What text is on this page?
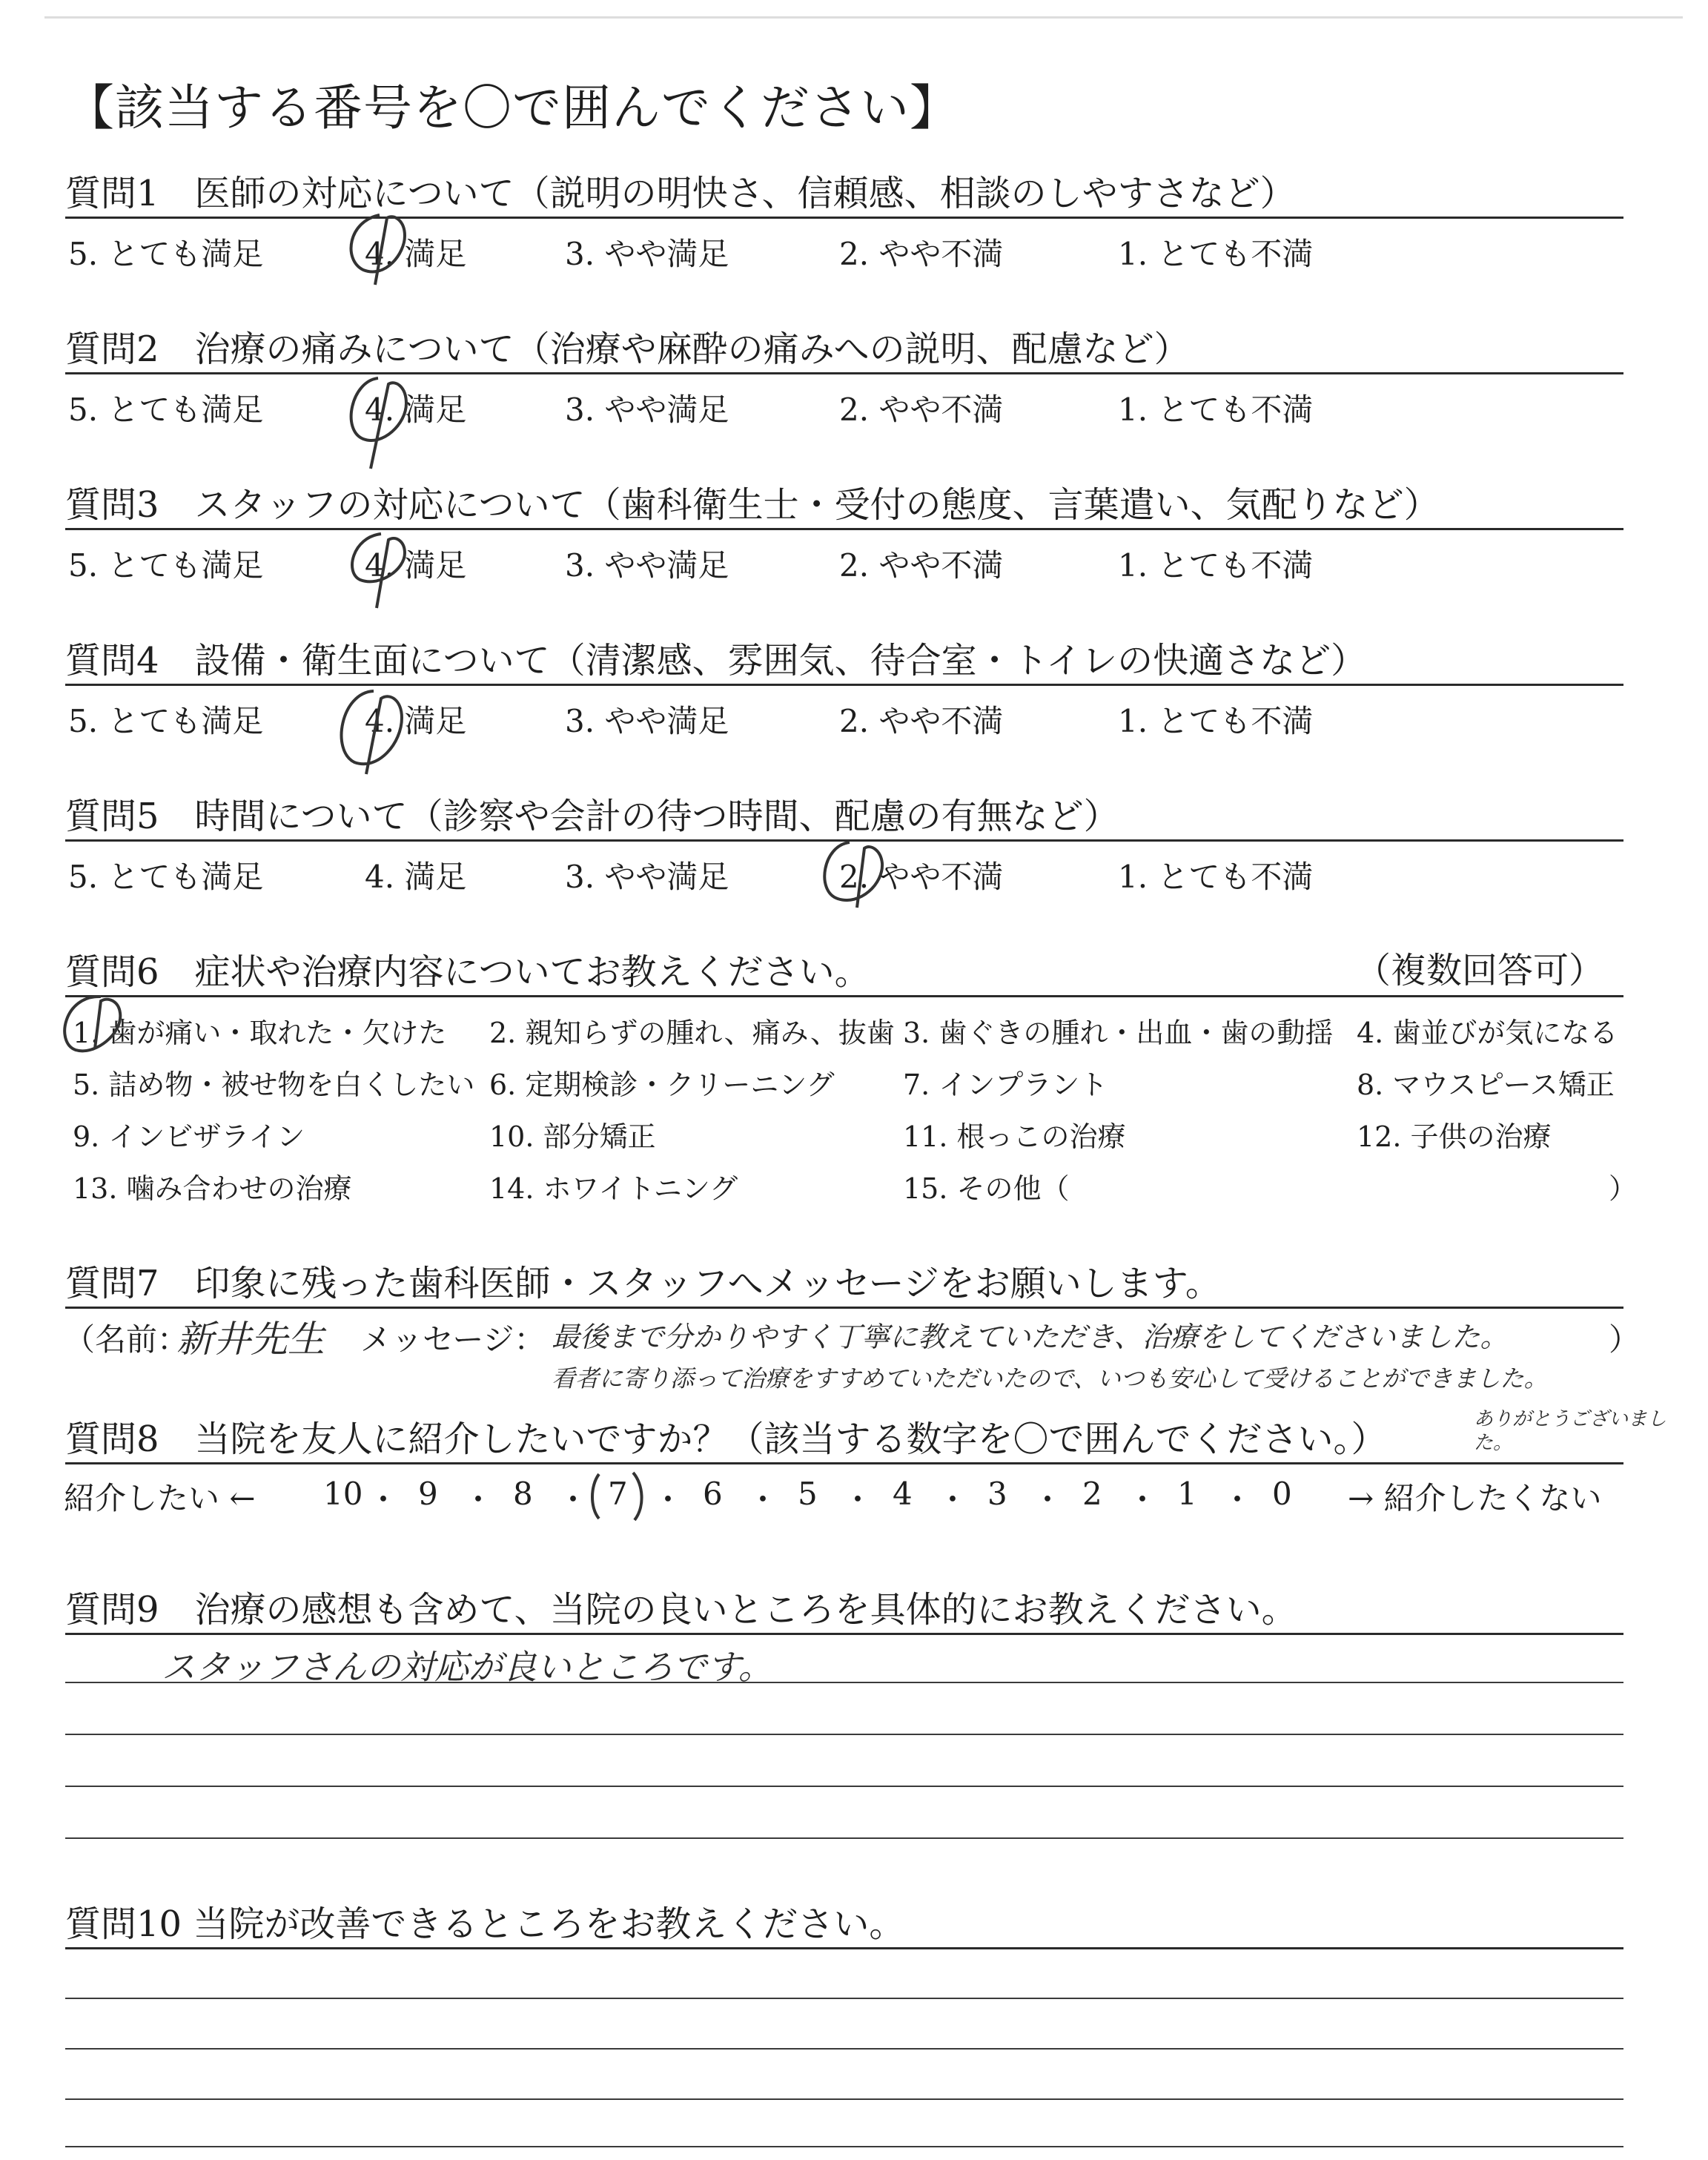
【該当する番号を〇で囲んでください】
質問1　医師の対応について（説明の明快さ、信頼感、相談のしやすさなど）
5. とても満足	4. 満足	3. やや満足	2. やや不満	1. とても不満
質問2　治療の痛みについて（治療や麻酔の痛みへの説明、配慮など）
5. とても満足	4. 満足	3. やや満足	2. やや不満	1. とても不満
質問3　スタッフの対応について（歯科衛生士・受付の態度、言葉遣い、気配りなど）
5. とても満足	4. 満足	3. やや満足	2. やや不満	1. とても不満
質問4　設備・衛生面について（清潔感、雰囲気、待合室・トイレの快適さなど）
5. とても満足	4. 満足	3. やや満足	2. やや不満	1. とても不満
質問5　時間について（診察や会計の待つ時間、配慮の有無など）
5. とても満足	4. 満足	3. やや満足	2. やや不満	1. とても不満
質問6　症状や治療内容についてお教えください。	（複数回答可）
1. 歯が痛い・取れた・欠けた 2. 親知らずの腫れ、痛み、抜歯 3. 歯ぐきの腫れ・出血・歯の動揺 4. 歯並びが気になる
5. 詰め物・被せ物を白くしたい 6. 定期検診・クリーニング 7. インプラント	8. マウスピース矯正
9. インビザライン	10. 部分矯正	11. 根っこの治療	12. 子供の治療
13. 噛み合わせの治療	14. ホワイトニング	15. その他（	）
質問7　印象に残った歯科医師・スタッフへメッセージをお願いします。
（名前：
新井先生 メッセージ： 最後まで分かりやすく丁寧に教えていただき、治療をしてくださいました。	）
看者に寄り添って治療をすすめていただいたので、いつも安心して受けることができました。
ありがとうございました。
質問8　当院を友人に紹介したいですか？（該当する数字を〇で囲んでください。）
紹介したい ← 10 ・ 9 ・ 8 ・ 7 ・ 6 ・ 5 ・ 4 ・ 3 ・ 2 ・ 1 ・ 0 → 紹介したくない
質問9　治療の感想も含めて、当院の良いところを具体的にお教えください。
スタッフさんの対応が良いところです。
質問10 当院が改善できるところをお教えください。
